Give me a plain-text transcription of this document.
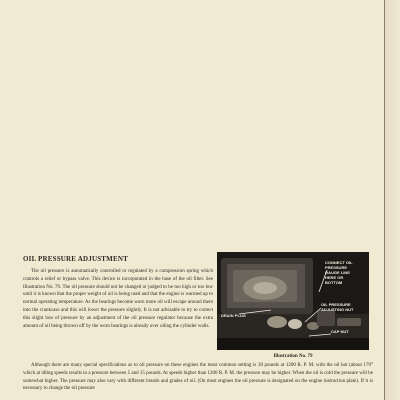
OIL PRESSURE ADJUSTMENT
The oil pressure is automatically controlled or regulated by a compression spring which controls a relief or bypass valve. This device is incorporated in the base of the oil filter. See Illustration No. 79. The oil pressure should not be changed or judged to be too high or too low until it is known that the proper weight of oil is being used and that the engine is warmed up to normal operating temperature. As the bearings become worn more oil will escape around them into the crankcase and this will lower the pressure slightly. It is not advisable to try to correct this slight loss of pressure by an adjustment of the oil pressure regulator because the extra amount of oil being thrown off by the worn bearings is already over oiling the cylinder walls.
CONNECT OIL
PRESSURE
GAUGE LINE
HERE OR
BOTTOM
DRAIN PLUG
OIL PRESSURE
ADJUSTING NUT
CAP NUT
Illustration No. 79
Although there are many special specifications as to oil pressure on these engines the most common setting is 30 pounds at 1200 R. P. M. with the oil hot (about 170° which at idling speeds results in a pressure between 5 and 15 pounds. At speeds higher than 1200 R. P. M. the pressure may be higher. When the oil is cold the pressure will be somewhat higher. The pressure may also vary with different brands and grades of oil. (On most engines the oil pressure is designated on the engine instruction plate). If it is necessary to change the oil pressure
